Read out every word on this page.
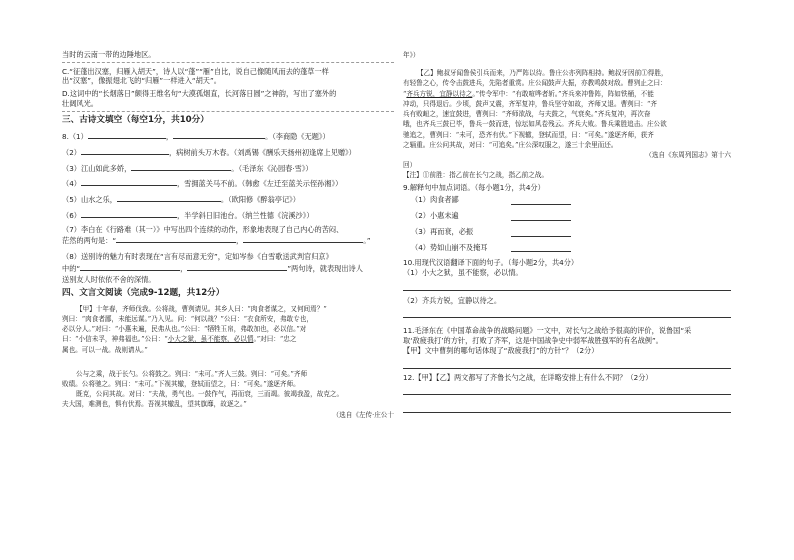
当时的云南一带的边陲地区。

C.“征蓬出汉塞，归雁入胡天”，诗人以“蓬”“雁”自比，说自己像随风而去的蓬草一样

出“汉塞”，像振翅北飞的“归雁”一样进入“胡天”。

D.这词中的“长烟落日”颇得王维名句“大漠孤烟直，长河落日圆”之神韵，写出了塞外的

壮阔风光。

三、古诗文填空（每空1分，共10分）
8.（1）	，	。（李商隐《无题》）
（2）	，病树前头万木春。（刘禹锡《酬乐天扬州初逢席上见赠》）
（3）江山如此多娇，	。（毛泽东《沁园春·雪》）
（4）	，雪拥蓝关马不前。（韩愈《左迁至蓝关示侄孙湘》）
（5）山水之乐，	。（欧阳修《醉翁亭记》）
（6）	，半学斜日旧池台。（纳兰性德《浣溪沙》）

（7）李白在《行路难（其一）》中写出四个连续的动作，形象地表现了自己内心的苦闷、

茫然的两句是：“	，	。”

（8）送别诗的魅力有时表现在“言有尽而意无穷”，定如岑参《白雪歌送武判官归京》

中的“	，	”两句诗，就表现出诗人

送别友人时依依不舍的深情。

四、文言文阅读（完成9-12题，共12分）

【甲】十年春，齐师伐我。公将战，曹刿请见。其乡人曰：“肉食者谋之，又何间焉？”

刿曰：“肉食者鄙，未能远谋。”乃入见。问：“何以战？”公曰：“衣食所安，弗敢专也，

必以分人。”对曰：“小惠未遍，民弗从也。”公曰：“牺牲玉帛，弗敢加也，必以信。”对

曰：“小信未孚，神弗福也。”公曰：“小大之狱，虽不能察，必以情。”对曰：“忠之

属也。可以一战。战则请从。”

公与之乘，战于长勺。公将鼓之。刿曰：“未可。”齐人三鼓。刿曰：“可矣。”齐师

败绩。公将驰之。刿曰：“未可。”下视其辙，登轼而望之，曰：“可矣。”遂逐齐师。

既克，公问其故。对曰：“夫战，勇气也。一鼓作气，再而衰，三而竭。彼竭我盈，故克之。

夫大国，难测也，惧有伏焉。吾视其辙乱，望其旗靡，故逐之。”

（选自《左传·庄公十

年》）

【乙】鲍叔牙闻鲁侯引兵而来，乃严阵以待。鲁庄公亦列阵相持。鲍叔牙因前①得胜，

有轻鲁之心，传令击鼓进兵，先陷者重赏。庄公闻鼓声大振，亦教鸣鼓对敌。曹刿止之曰：

“齐兵方锐，宜静以待之。”传令军中：“有敢喧哗者斩。”齐兵来冲鲁阵，阵如铁桶，不能

冲动，只得退后。少顷，鼓声又震，齐军复冲，鲁兵坚守如故，齐师又退。曹刿曰：“齐

兵有败衄之，速宜鼓进，曹刿曰：“齐师欲战，与夫鼓之，气衰矣。”齐兵复冲，再次奋

哦，也齐兵三鼓已毕，鲁兵一鼓而进，惊坛如风卷残云。齐兵大败。鲁兵乘胜追击。庄公欲

驰追之，曹刿曰：“未可，恐齐有伏。”下视辙，登轼而望，曰：“可矣。”遂逐齐师，获齐

之辎重。庄公问其故，对曰：“可追矣。”庄公深叹服之，遂三十余里而还。

（选自《东周列国志》第十六

回）

【注】①前胜：指乙前在长勺之战，指乙前之战。

9.解释句中加点词语。（每小题1分，共4分）

（1）肉食者鄙
（2）小惠未遍
（3）再而衰，必振
（4）势如山崩不及掩耳

10.用现代汉语翻译下面的句子。（每小题2分，共4分）

（1）小大之狱，虽不能察，必以情。

（2）齐兵方锐，宜静以待之。

11.毛泽东在《中国革命战争的战略问题》一文中，对长勺之战给予很高的评价，说鲁国“采

取‘敌疲我打’的方针，打败了齐军，这是中国战争史中弱军战胜强军的有名战例”。

【甲】文中曹刿的哪句话体现了“敌疲我打”的方针”？（2分）

12.【甲】【乙】两文都写了齐鲁长勺之战，在详略安排上有什么不同？（2分）
